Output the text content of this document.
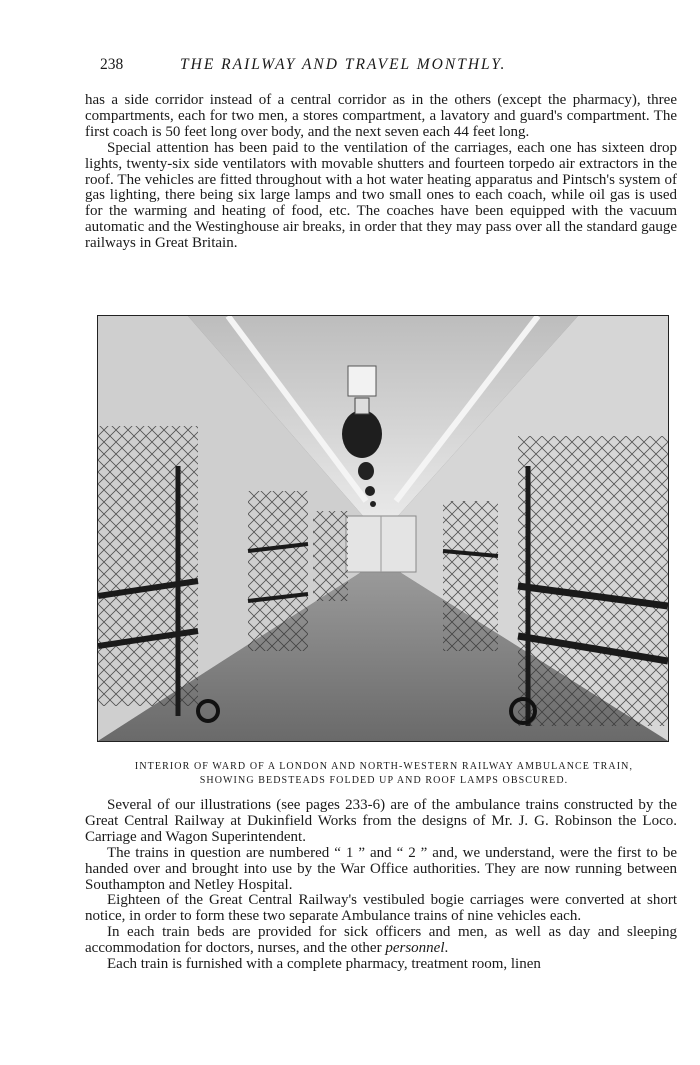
238	THE RAILWAY AND TRAVEL MONTHLY.

has a side corridor instead of a central corridor as in the others (except the pharmacy), three compartments, each for two men, a stores compartment, a lavatory and guard's compartment. The first coach is 50 feet long over body, and the next seven each 44 feet long.

Special attention has been paid to the ventilation of the carriages, each one has sixteen drop lights, twenty-six side ventilators with movable shutters and fourteen torpedo air extractors in the roof. The vehicles are fitted throughout with a hot water heating apparatus and Pintsch's system of gas lighting, there being six large lamps and two small ones to each coach, while oil gas is used for the warming and heating of food, etc. The coaches have been equipped with the vacuum automatic and the Westinghouse air breaks, in order that they may pass over all the standard gauge railways in Great Britain.

INTERIOR OF WARD OF A LONDON AND NORTH-WESTERN RAILWAY AMBULANCE TRAIN,
SHOWING BEDSTEADS FOLDED UP AND ROOF LAMPS OBSCURED.

Several of our illustrations (see pages 233-6) are of the ambulance trains constructed by the Great Central Railway at Dukinfield Works from the designs of Mr. J. G. Robinson the Loco. Carriage and Wagon Superintendent.

The trains in question are numbered “ 1 ” and “ 2 ” and, we understand, were the first to be handed over and brought into use by the War Office authorities. They are now running between Southampton and Netley Hospital.

Eighteen of the Great Central Railway's vestibuled bogie carriages were converted at short notice, in order to form these two separate Ambulance trains of nine vehicles each.

In each train beds are provided for sick officers and men, as well as day and sleeping accommodation for doctors, nurses, and the other personnel.

Each train is furnished with a complete pharmacy, treatment room, linen
